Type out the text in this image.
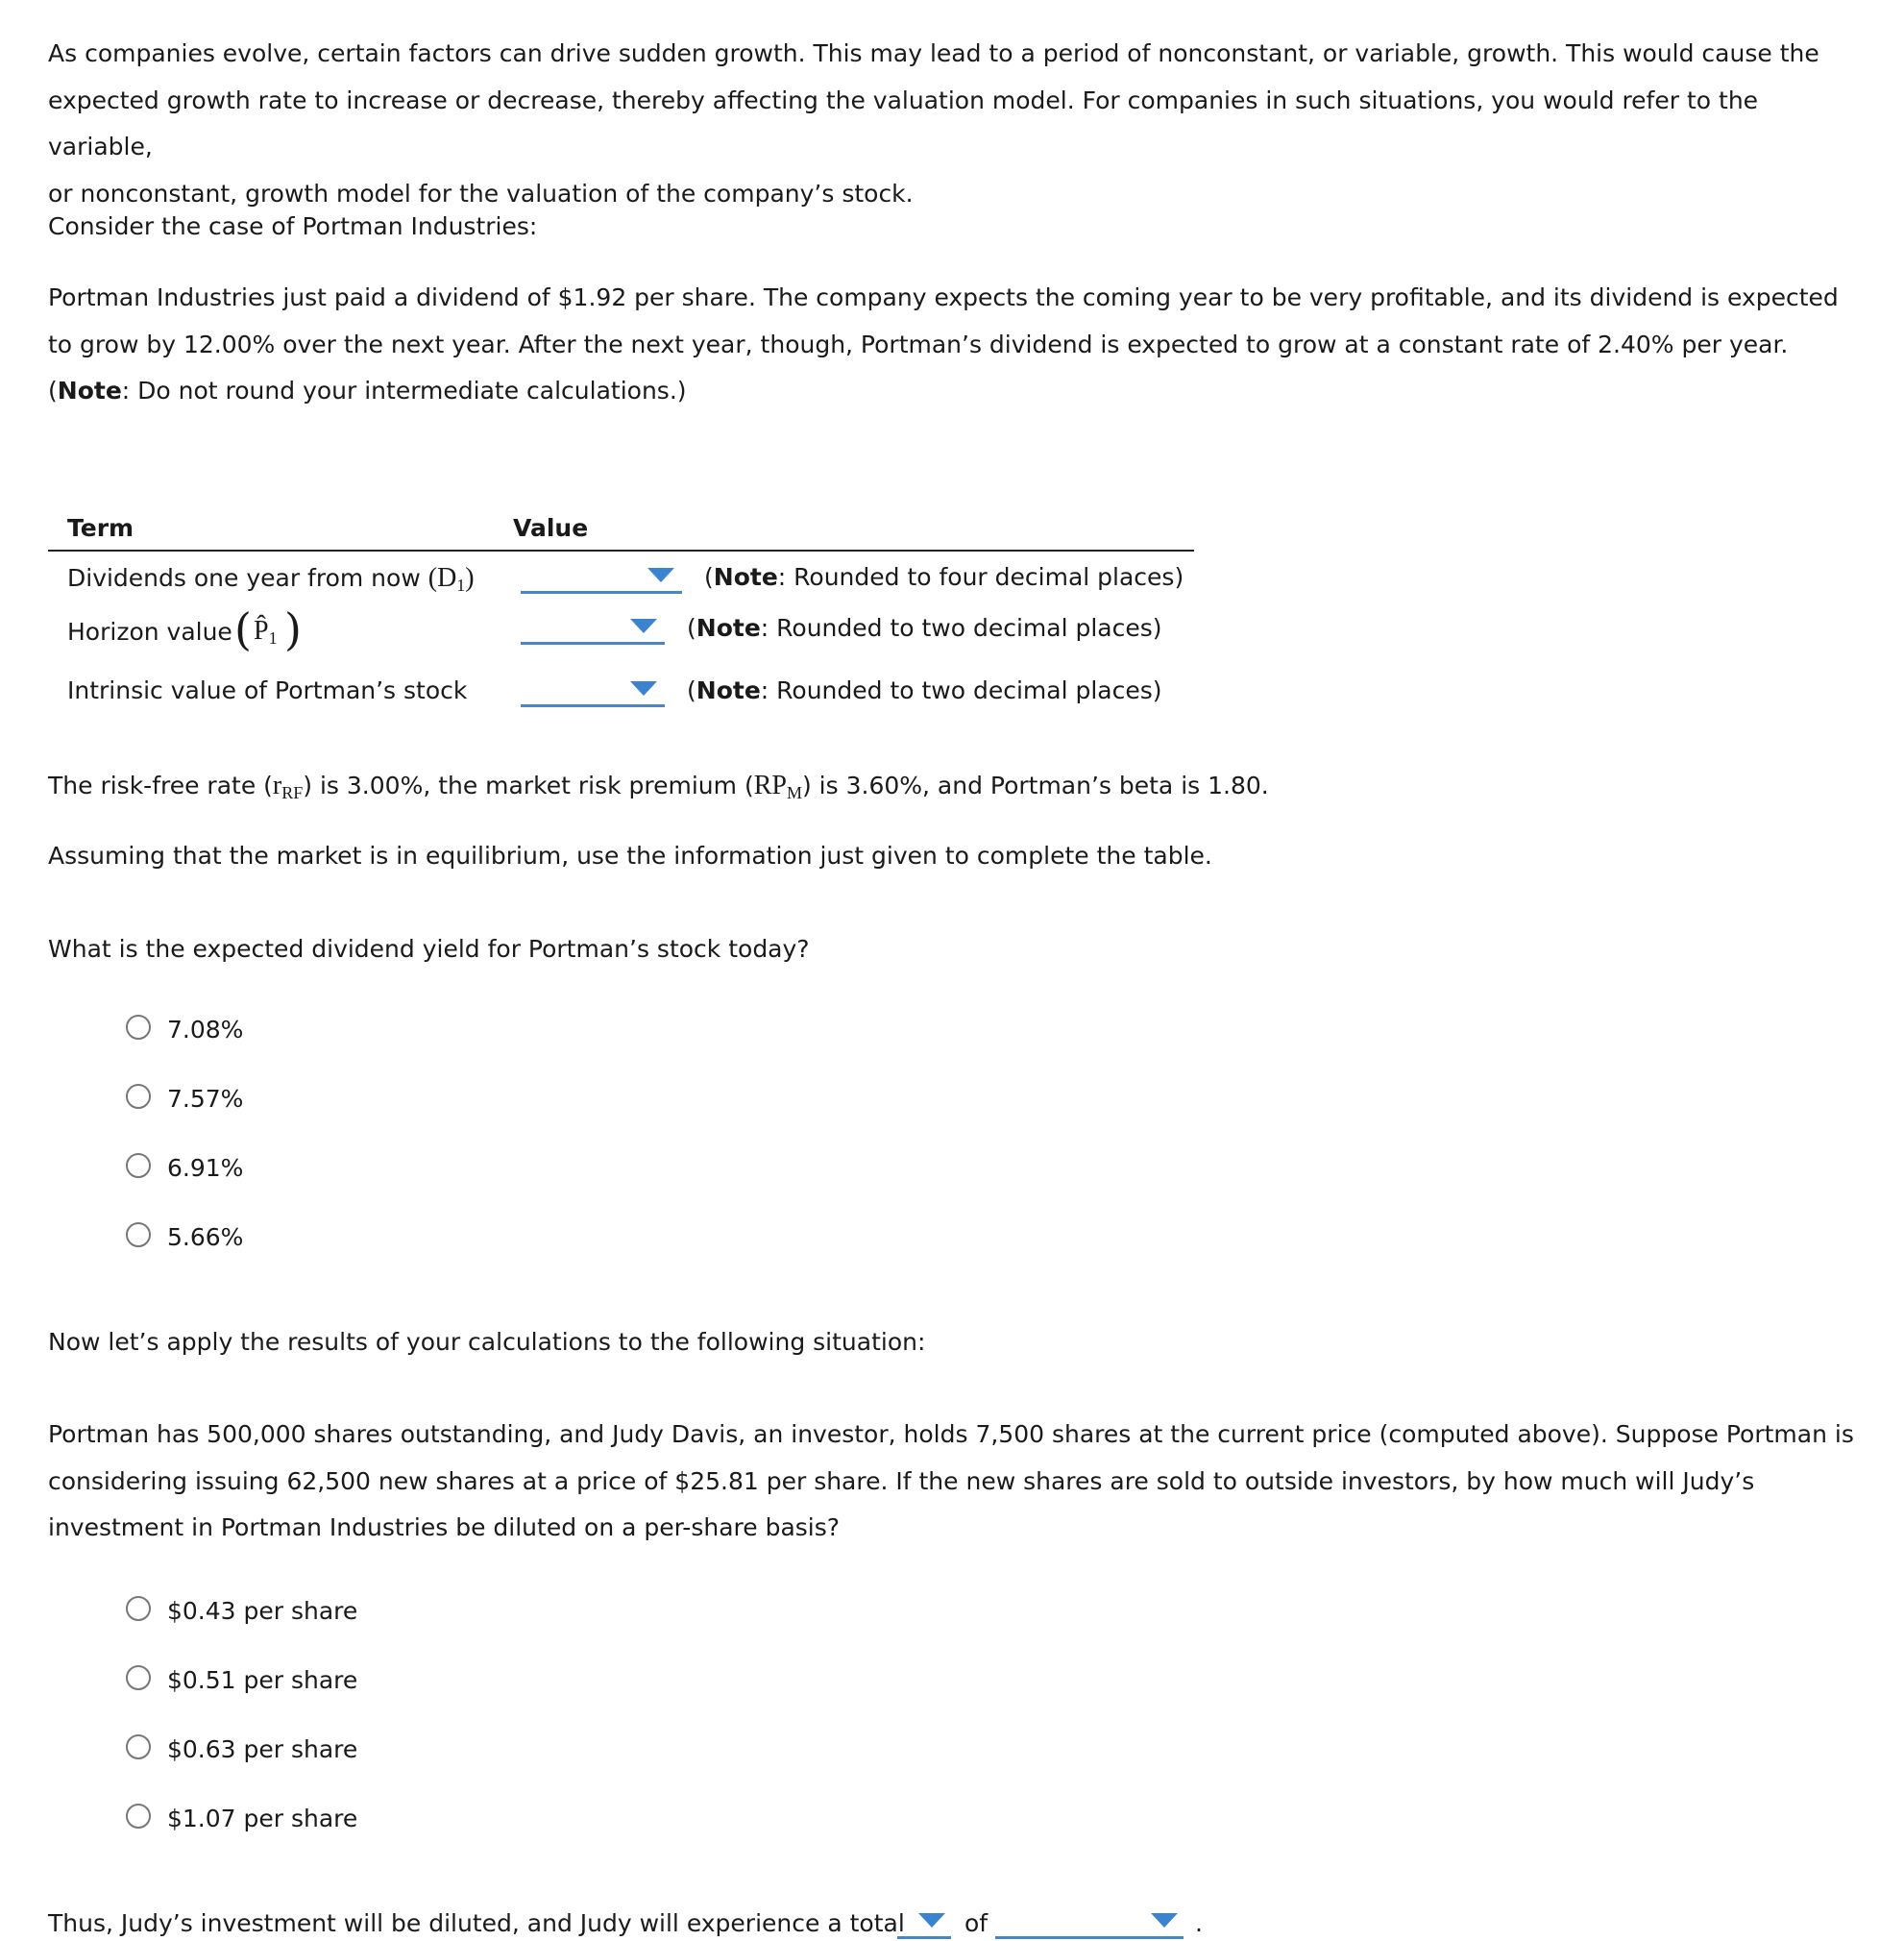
As companies evolve, certain factors can drive sudden growth. This may lead to a period of nonconstant, or variable, growth. This would cause the
expected growth rate to increase or decrease, thereby affecting the valuation model. For companies in such situations, you would refer to the variable,
or nonconstant, growth model for the valuation of the company’s stock.
Consider the case of Portman Industries:
Portman Industries just paid a dividend of $1.92 per share. The company expects the coming year to be very profitable, and its dividend is expected
to grow by 12.00% over the next year. After the next year, though, Portman’s dividend is expected to grow at a constant rate of 2.40% per year.
(Note: Do not round your intermediate calculations.)
Term	Value
Dividends one year from now (D1)	(Note: Rounded to four decimal places)
Horizon value ( P̂1 )	(Note: Rounded to two decimal places)
Intrinsic value of Portman’s stock	(Note: Rounded to two decimal places)
The risk-free rate (rRF) is 3.00%, the market risk premium (RPM) is 3.60%, and Portman’s beta is 1.80.
Assuming that the market is in equilibrium, use the information just given to complete the table.
What is the expected dividend yield for Portman’s stock today?
7.08%
7.57%
6.91%
5.66%
Now let’s apply the results of your calculations to the following situation:
Portman has 500,000 shares outstanding, and Judy Davis, an investor, holds 7,500 shares at the current price (computed above). Suppose Portman is
considering issuing 62,500 new shares at a price of $25.81 per share. If the new shares are sold to outside investors, by how much will Judy’s
investment in Portman Industries be diluted on a per-share basis?
$0.43 per share
$0.51 per share
$0.63 per share
$1.07 per share
Thus, Judy’s investment will be diluted, and Judy will experience a total of	.
